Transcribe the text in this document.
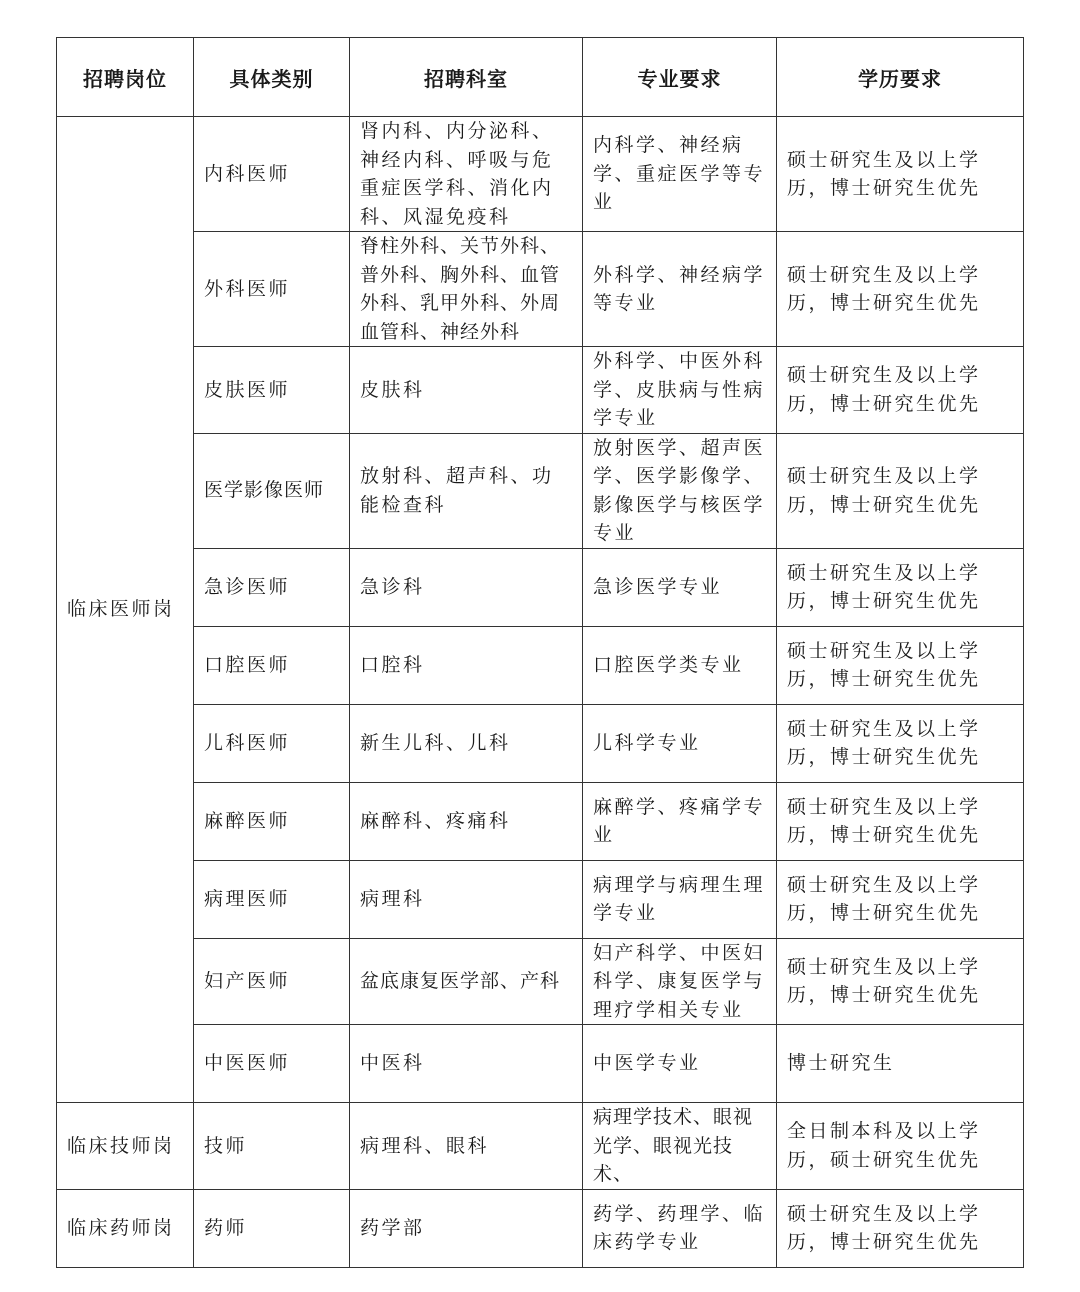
招聘岗位	具体类别	招聘科室	专业要求	学历要求
临床医师岗	内科医师	肾内科、内分泌科、神经内科、呼吸与危重症医学科、消化内科、风湿免疫科	内科学、神经病学、重症医学等专业	硕士研究生及以上学历，博士研究生优先
	外科医师	脊柱外科、关节外科、普外科、胸外科、血管外科、乳甲外科、外周血管科、神经外科	外科学、神经病学等专业	硕士研究生及以上学历，博士研究生优先
	皮肤医师	皮肤科	外科学、中医外科学、皮肤病与性病学专业	硕士研究生及以上学历，博士研究生优先
	医学影像医师	放射科、超声科、功能检查科	放射医学、超声医学、医学影像学、影像医学与核医学专业	硕士研究生及以上学历，博士研究生优先
	急诊医师	急诊科	急诊医学专业	硕士研究生及以上学历，博士研究生优先
	口腔医师	口腔科	口腔医学类专业	硕士研究生及以上学历，博士研究生优先
	儿科医师	新生儿科、儿科	儿科学专业	硕士研究生及以上学历，博士研究生优先
	麻醉医师	麻醉科、疼痛科	麻醉学、疼痛学专业	硕士研究生及以上学历，博士研究生优先
	病理医师	病理科	病理学与病理生理学专业	硕士研究生及以上学历，博士研究生优先
	妇产医师	盆底康复医学部、产科	妇产科学、中医妇科学、康复医学与理疗学相关专业	硕士研究生及以上学历，博士研究生优先
	中医医师	中医科	中医学专业	博士研究生
临床技师岗	技师	病理科、眼科	病理学技术、眼视光学、眼视光技术、	全日制本科及以上学历，硕士研究生优先
临床药师岗	药师	药学部	药学、药理学、临床药学专业	硕士研究生及以上学历，博士研究生优先
